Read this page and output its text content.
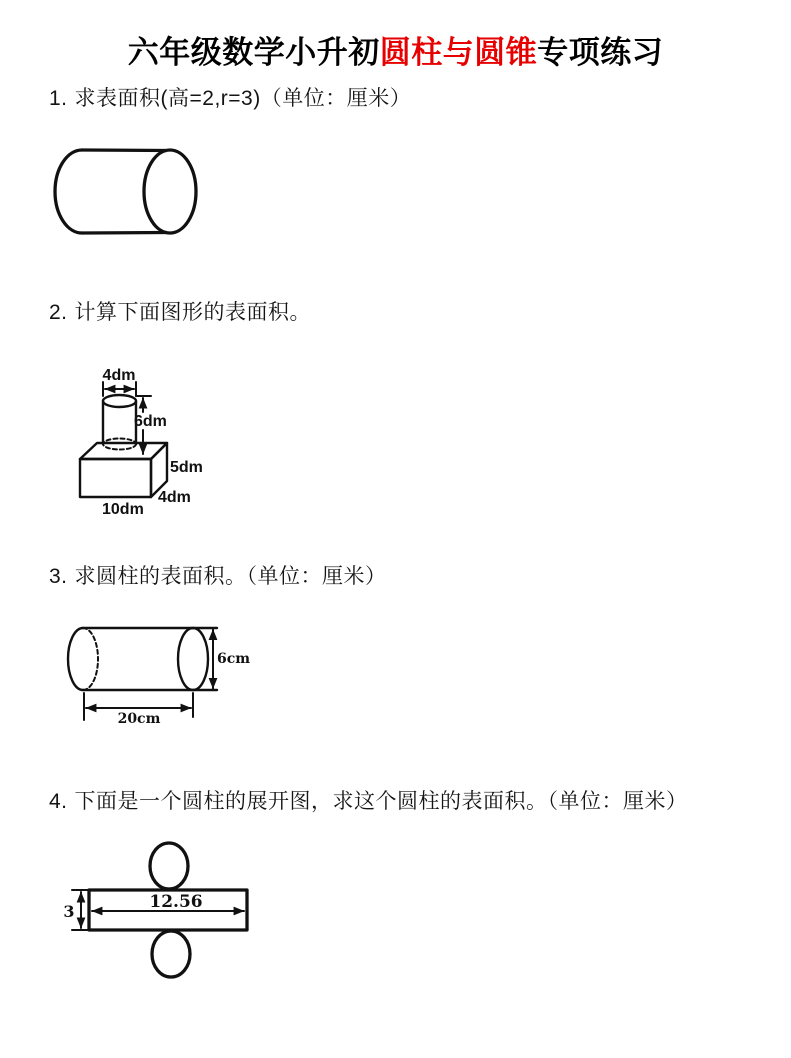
六年级数学小升初圆柱与圆锥专项练习

1. 求表面积(高=2,r=3)（单位：厘米）

2. 计算下面图形的表面积。

4dm
6dm
5dm
4dm
10dm

3. 求圆柱的表面积。（单位：厘米）

6cm
20cm

4. 下面是一个圆柱的展开图，求这个圆柱的表面积。（单位：厘米）

3	12.56
